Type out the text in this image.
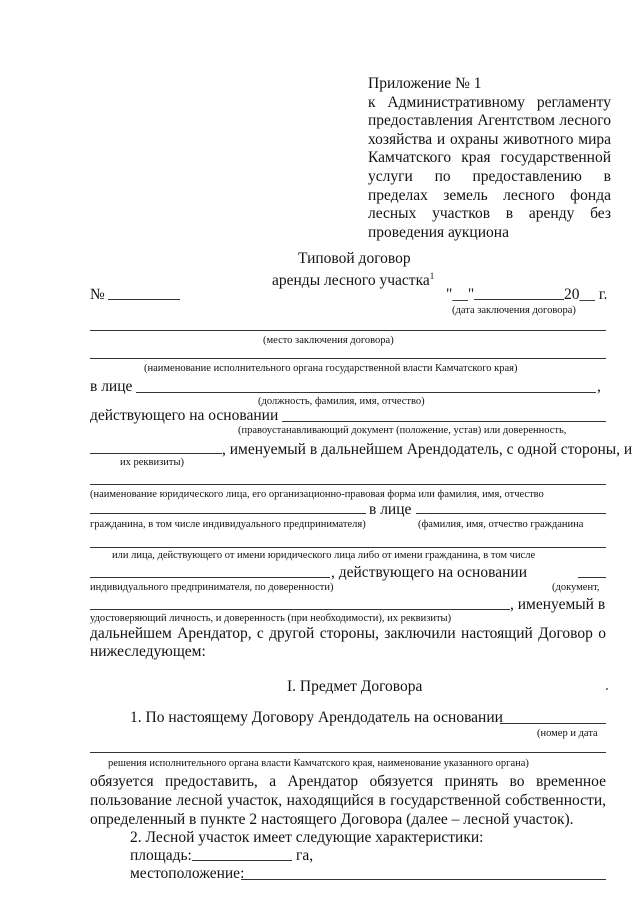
Приложение № 1
к Административному регламенту
предоставления Агентством лесного
хозяйства и охраны животного мира
Камчатского края государственной
услуги по предоставлению в
пределах земель лесного фонда
лесных участков в аренду без
проведения аукциона
Типовой договор
аренды лесного участка$^1$
№	"__"	20__ г.
(дата заключения договора)
(место заключения договора)
(наименование исполнительного органа государственной власти Камчатского края)
в лице	,
(должность, фамилия, имя, отчество)
действующего на основании
(правоустанавливающий документ (положение, устав) или доверенность,
, именуемый в дальнейшем Арендодатель, с одной стороны, и
их реквизиты)
(наименование юридического лица, его организационно-правовая форма или фамилия, имя, отчество
в лице
гражданина, в том числе индивидуального предпринимателя)	(фамилия, имя, отчество гражданина
или лица, действующего от имени юридического лица либо от имени гражданина, в том числе
, действующего на основании
индивидуального предпринимателя, по доверенности)	(документ,
, именуемый в
удостоверяющий личность, и доверенность (при необходимости), их реквизиты)
дальнейшем Арендатор, с другой стороны, заключили настоящий Договор о
нижеследующем:
I. Предмет Договора
1. По настоящему Договору Арендодатель на основании
(номер и дата
решения исполнительного органа власти Камчатского края, наименование указанного органа)
обязуется предоставить, а Арендатор обязуется принять во временное
пользование лесной участок, находящийся в государственной собственности,
определенный в пункте 2 настоящего Договора (далее – лесной участок).
2. Лесной участок имеет следующие характеристики:
площадь:	га,
местоположение:
